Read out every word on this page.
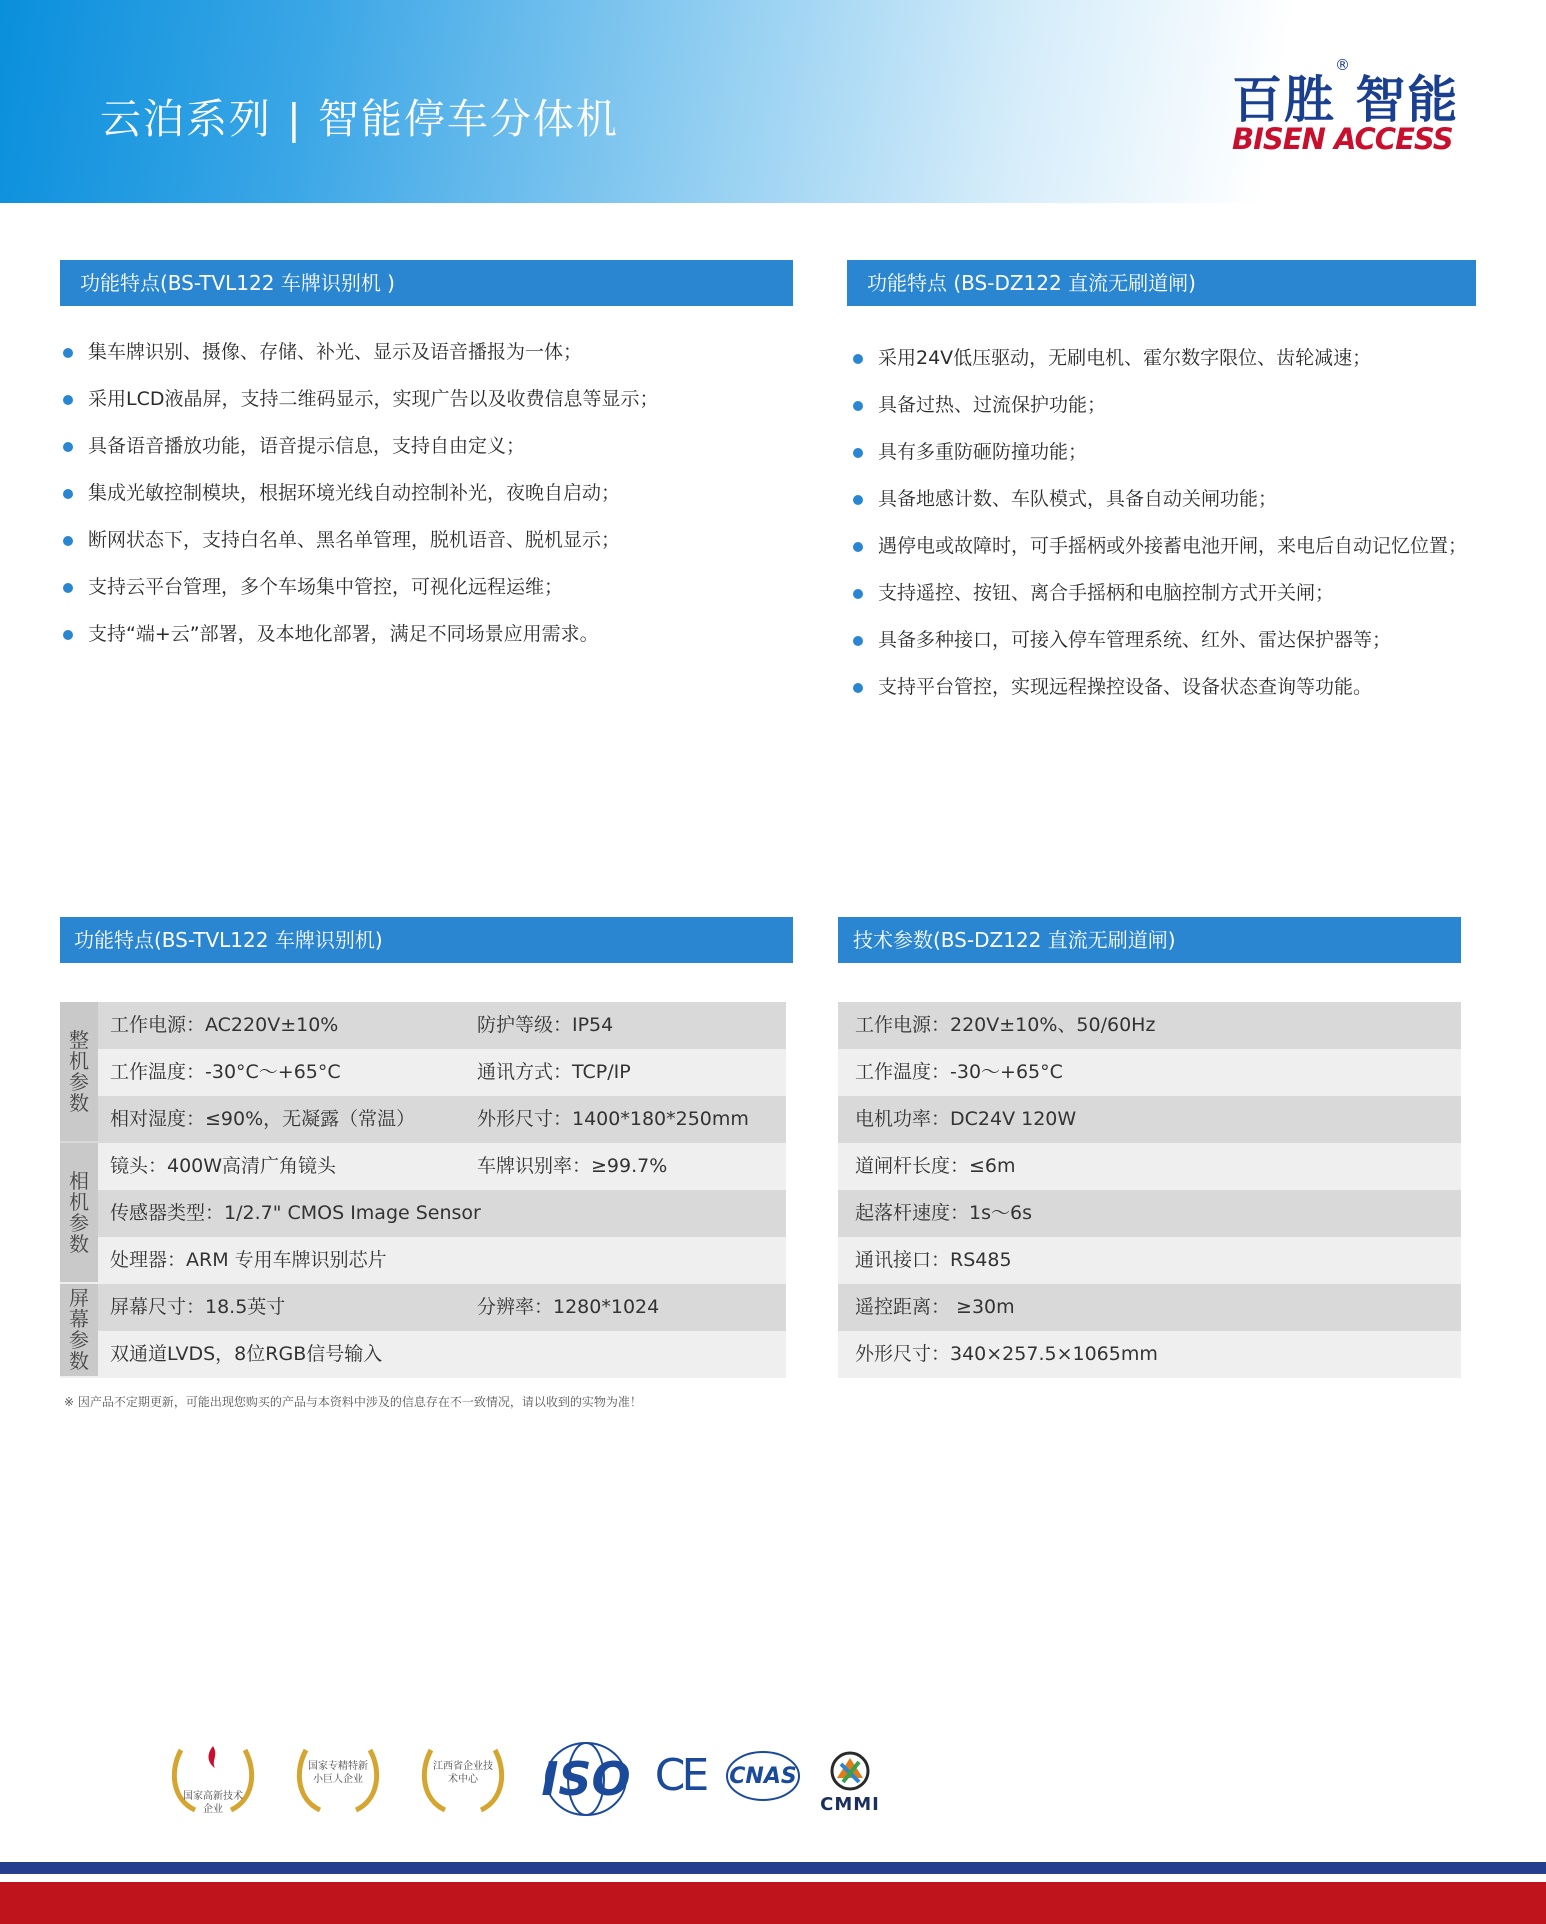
云泊系列 | 智能停车分体机	百胜 智能
®
BISEN ACCESS
功能特点(BS-TVL122 车牌识别机 )
集车牌识别、摄像、存储、补光、显示及语音播报为一体；
采用LCD液晶屏，支持二维码显示，实现广告以及收费信息等显示；
具备语音播放功能，语音提示信息，支持自由定义；
集成光敏控制模块，根据环境光线自动控制补光，夜晚自启动；
断网状态下，支持白名单、黑名单管理，脱机语音、脱机显示；
支持云平台管理，多个车场集中管控，可视化远程运维；
支持“端+云”部署，及本地化部署，满足不同场景应用需求。
功能特点 (BS-DZ122 直流无刷道闸)
采用24V低压驱动，无刷电机、霍尔数字限位、齿轮减速；
具备过热、过流保护功能；
具有多重防砸防撞功能；
具备地感计数、车队模式，具备自动关闸功能；
遇停电或故障时，可手摇柄或外接蓄电池开闸，来电后自动记忆位置；
支持遥控、按钮、离合手摇柄和电脑控制方式开关闸；
具备多种接口，可接入停车管理系统、红外、雷达保护器等；
支持平台管控，实现远程操控设备、设备状态查询等功能。
功能特点(BS-TVL122 车牌识别机)
工作电源：AC220V±10%	防护等级：IP54
工作温度：-30°C～+65°C	通讯方式：TCP/IP
相对湿度：≤90%，无凝露（常温）	外形尺寸：1400*180*250mm
整机参数
镜头：400W高清广角镜头	车牌识别率：≥99.7%
传感器类型：1/2.7" CMOS Image Sensor
处理器：ARM 专用车牌识别芯片
相机参数
屏幕尺寸：18.5英寸	分辨率：1280*1024
双通道LVDS，8位RGB信号输入
屏幕参数
技术参数(BS-DZ122 直流无刷道闸)
工作电源：220V±10%、50/60Hz
工作温度：-30～+65°C
电机功率：DC24V 120W
道闸杆长度：≤6m
起落杆速度：1s～6s
通讯接口：RS485
遥控距离： ≥30m
外形尺寸：340×257.5×1065mm
※ 因产品不定期更新，可能出现您购买的产品与本资料中涉及的信息存在不一致情况，请以收到的实物为准！
国家高新技术企业
国家专精特新小巨人企业
江西省企业技术中心	ISO CE CNAS
CMMI
